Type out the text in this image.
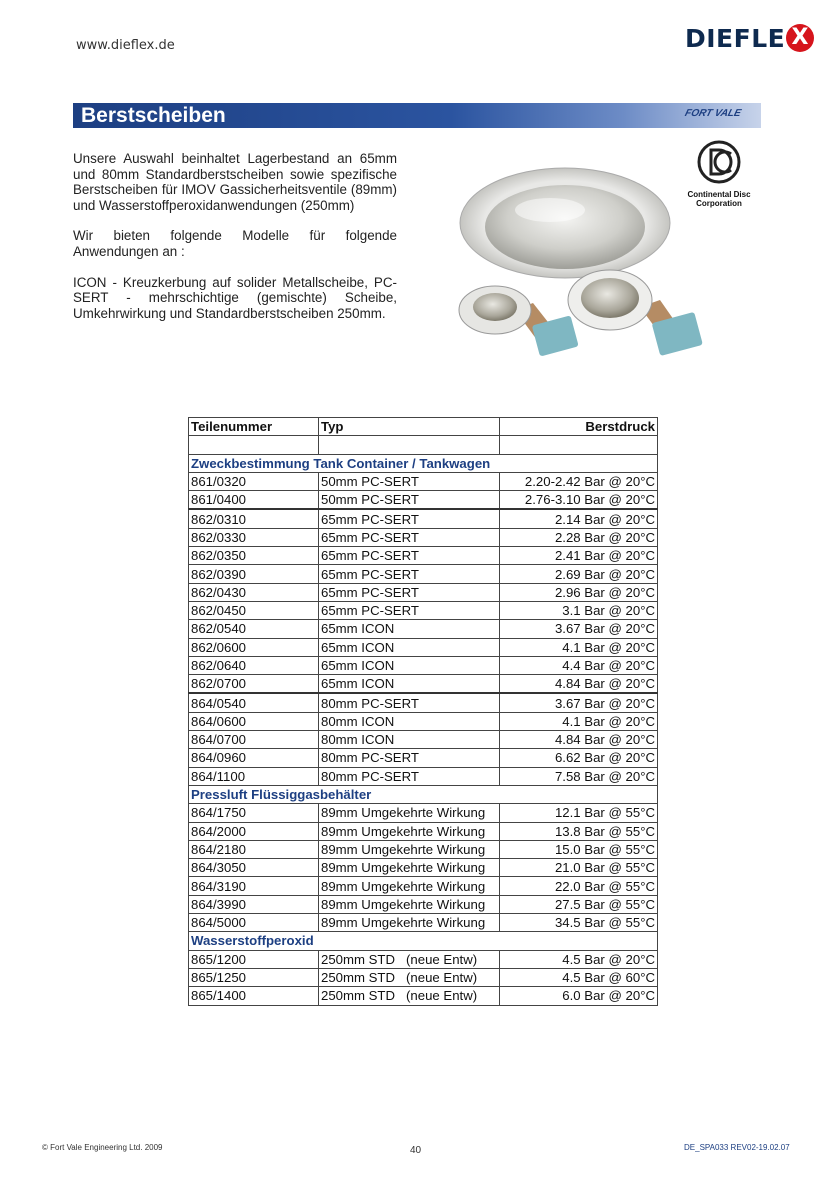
www.dieflex.de	DIEFLE X
Berstscheiben	FORT VALE

Unsere Auswahl beinhaltet Lagerbestand an 65mm und 80mm Standardberstscheiben sowie spezifische Berstscheiben für IMOV Gassicherheitsventile (89mm) und Wasserstoffperoxidanwendungen (250mm)

Wir bieten folgende Modelle für folgende Anwendungen an :

ICON - Kreuzkerbung auf solider Metallscheibe, PC-SERT - mehrschichtige (gemischte) Scheibe, Umkehrwirkung und Standardberstscheiben 250mm.

Continental Disc
Corporation
Teilenummer	Typ	Berstdruck

Zweckbestimmung Tank Container / Tankwagen		
861/0320	50mm PC-SERT	2.20-2.42 Bar @ 20°C
861/0400	50mm PC-SERT	2.76-3.10 Bar @ 20°C
862/0310	65mm PC-SERT	2.14 Bar @ 20°C
862/0330	65mm PC-SERT	2.28 Bar @ 20°C
862/0350	65mm PC-SERT	2.41 Bar @ 20°C
862/0390	65mm PC-SERT	2.69 Bar @ 20°C
862/0430	65mm PC-SERT	2.96 Bar @ 20°C
862/0450	65mm PC-SERT	3.1 Bar @ 20°C
862/0540	65mm ICON	3.67 Bar @ 20°C
862/0600	65mm ICON	4.1 Bar @ 20°C
862/0640	65mm ICON	4.4 Bar @ 20°C
862/0700	65mm ICON	4.84 Bar @ 20°C
864/0540	80mm PC-SERT	3.67 Bar @ 20°C
864/0600	80mm ICON	4.1 Bar @ 20°C
864/0700	80mm ICON	4.84 Bar @ 20°C
864/0960	80mm PC-SERT	6.62 Bar @ 20°C
864/1100	80mm PC-SERT	7.58 Bar @ 20°C
Pressluft Flüssiggasbehälter		
864/1750	89mm Umgekehrte Wirkung	12.1 Bar @ 55°C
864/2000	89mm Umgekehrte Wirkung	13.8 Bar @ 55°C
864/2180	89mm Umgekehrte Wirkung	15.0 Bar @ 55°C
864/3050	89mm Umgekehrte Wirkung	21.0 Bar @ 55°C
864/3190	89mm Umgekehrte Wirkung	22.0 Bar @ 55°C
864/3990	89mm Umgekehrte Wirkung	27.5 Bar @ 55°C
864/5000	89mm Umgekehrte Wirkung	34.5 Bar @ 55°C
Wasserstoffperoxid		
865/1200	250mm STD   (neue Entw)	4.5 Bar @ 20°C
865/1250	250mm STD   (neue Entw)	4.5 Bar @ 60°C
865/1400	250mm STD   (neue Entw)	6.0 Bar @ 20°C
© Fort Vale Engineering Ltd. 2009	40	DE_SPA033 REV02-19.02.07
